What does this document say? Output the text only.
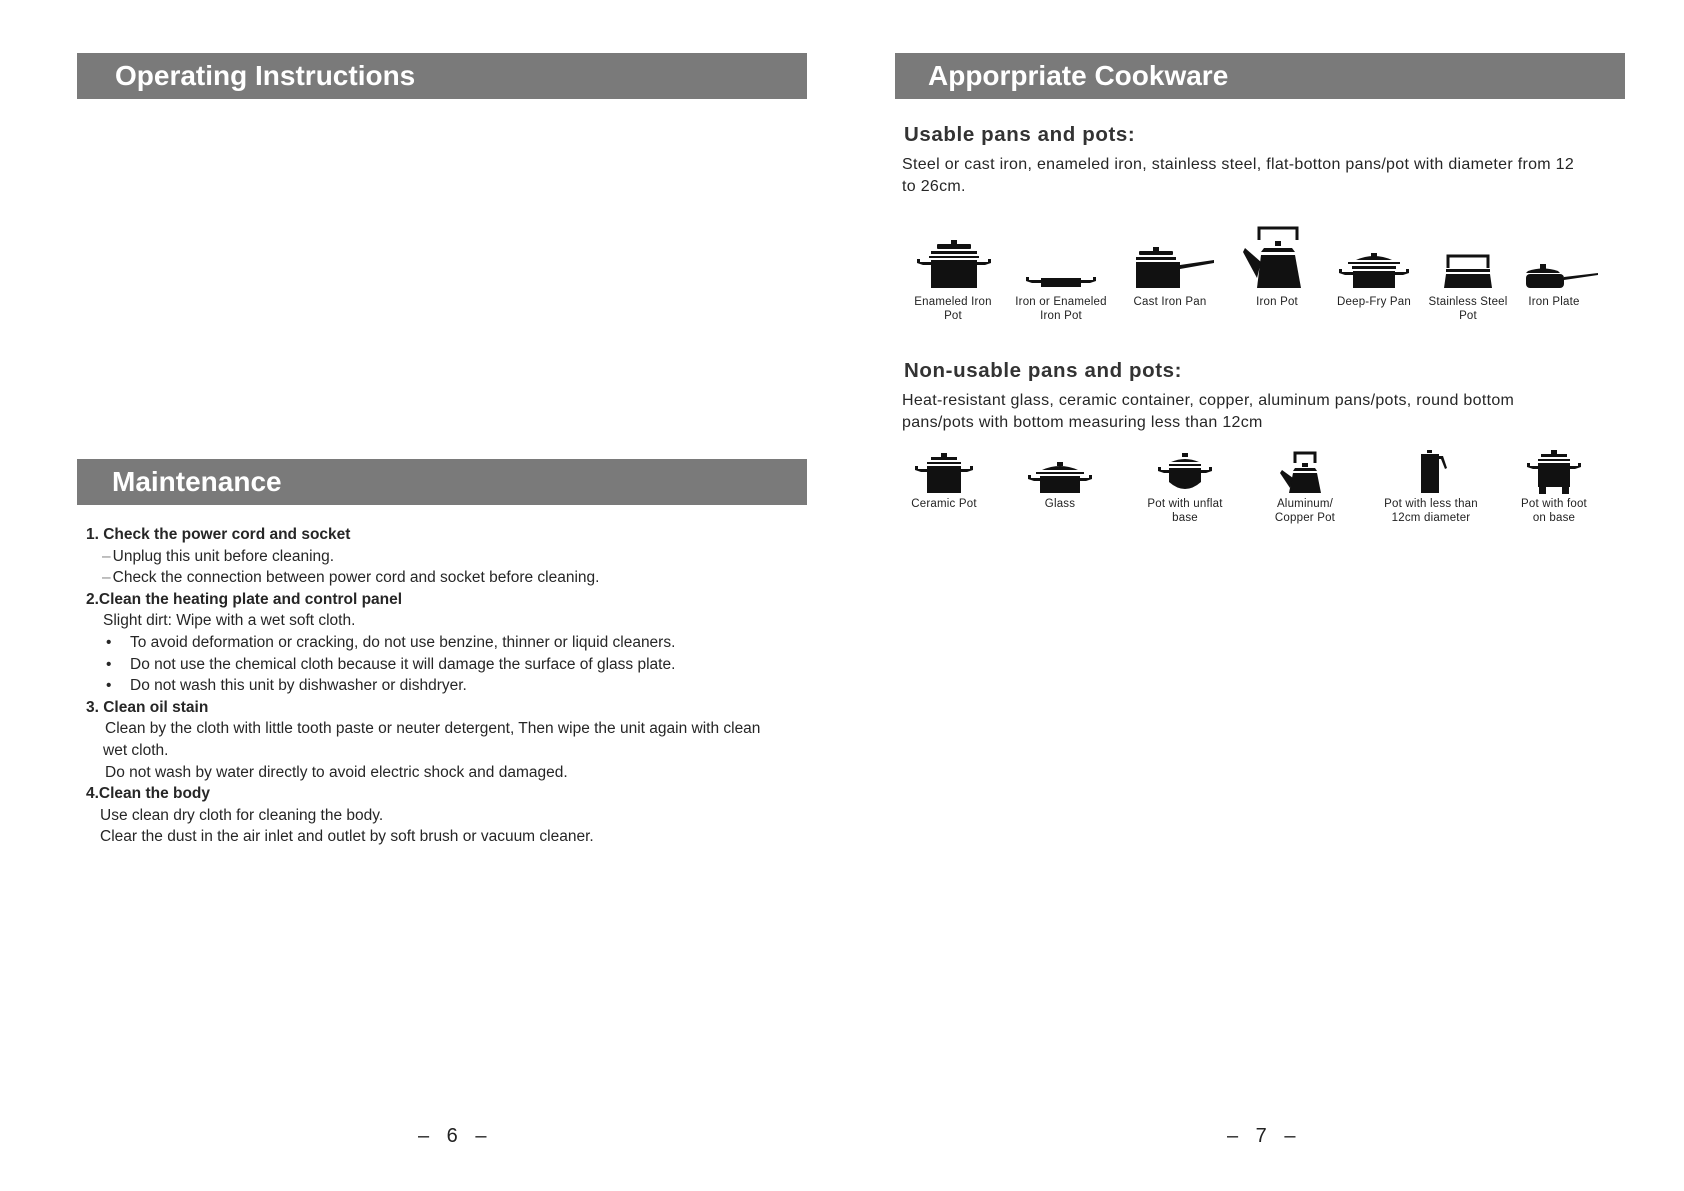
Operating Instructions
Maintenance
1. Check the power cord and socket
– Unplug this unit before cleaning.
– Check the connection between power cord and socket before cleaning.
2.Clean the heating plate and control panel
Slight dirt: Wipe with a wet soft cloth.
• To avoid deformation or cracking, do not use benzine, thinner or liquid cleaners.
• Do not use the chemical cloth because it will damage the surface of glass plate.
• Do not wash this unit by dishwasher or dishdryer.
3. Clean oil stain
Clean by the cloth with little tooth paste or neuter detergent, Then wipe the unit again with clean
wet cloth.
Do not wash by water directly to avoid electric shock and damaged.
4.Clean the body
Use clean dry cloth for cleaning the body.
Clear the dust in the air inlet and outlet by soft brush or vacuum cleaner.
– 6 –
Apporpriate Cookware
Usable pans and pots:
Steel or cast iron, enameled iron, stainless steel, flat-botton pans/pot with diameter from 12
to 26cm.
Enameled Iron
Pot
Iron or Enameled
Iron Pot
Cast Iron Pan	Iron Pot	Deep-Fry Pan	Stainless Steel
Pot
Iron Plate
Non-usable pans and pots:
Heat-resistant glass, ceramic container, copper, aluminum pans/pots, round bottom
pans/pots with bottom measuring less than 12cm
Ceramic Pot	Glass	Pot with unflat base
Aluminum/
Copper Pot
Pot with less than
12cm diameter
Pot with foot
on base
– 7 –
